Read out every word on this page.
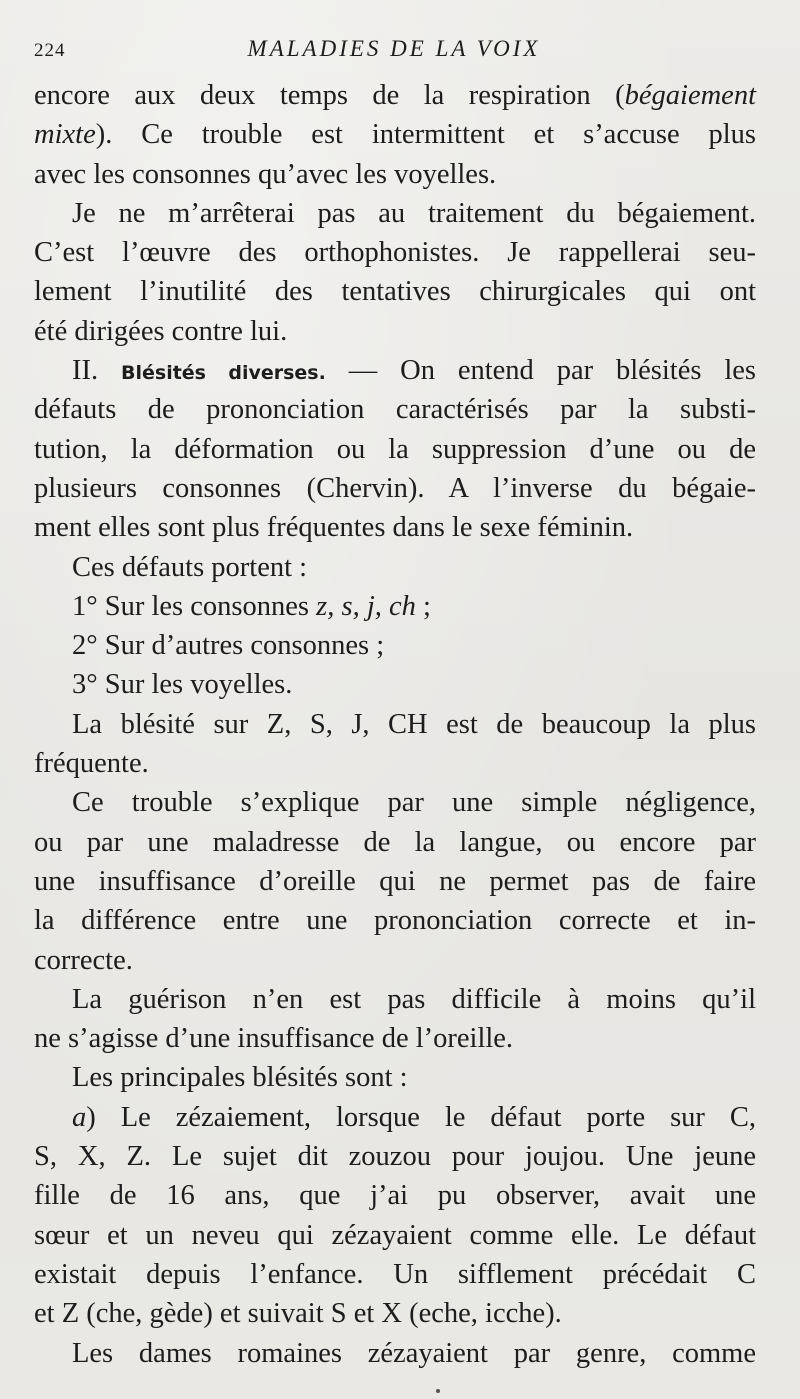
224	MALADIES DE LA VOIX
encore aux deux temps de la respiration (bégaiement
mixte). Ce trouble est intermittent et s’accuse plus
avec les consonnes qu’avec les voyelles.
Je ne m’arrêterai pas au traitement du bégaiement.
C’est l’œuvre des orthophonistes. Je rappellerai seu-
lement l’inutilité des tentatives chirurgicales qui ont
été dirigées contre lui.
II. Blésités diverses. — On entend par blésités les
défauts de prononciation caractérisés par la substi-
tution, la déformation ou la suppression d’une ou de
plusieurs consonnes (Chervin). A l’inverse du bégaie-
ment elles sont plus fréquentes dans le sexe féminin.
Ces défauts portent :
1° Sur les consonnes z, s, j, ch ;
2° Sur d’autres consonnes ;
3° Sur les voyelles.
La blésité sur Z, S, J, CH est de beaucoup la plus
fréquente.
Ce trouble s’explique par une simple négligence,
ou par une maladresse de la langue, ou encore par
une insuffisance d’oreille qui ne permet pas de faire
la différence entre une prononciation correcte et in-
correcte.
La guérison n’en est pas difficile à moins qu’il
ne s’agisse d’une insuffisance de l’oreille.
Les principales blésités sont :
a) Le zézaiement, lorsque le défaut porte sur C,
S, X, Z. Le sujet dit zouzou pour joujou. Une jeune
fille de 16 ans, que j’ai pu observer, avait une
sœur et un neveu qui zézayaient comme elle. Le défaut
existait depuis l’enfance. Un sifflement précédait C
et Z (che, gède) et suivait S et X (eche, icche).
Les dames romaines zézayaient par genre, comme
